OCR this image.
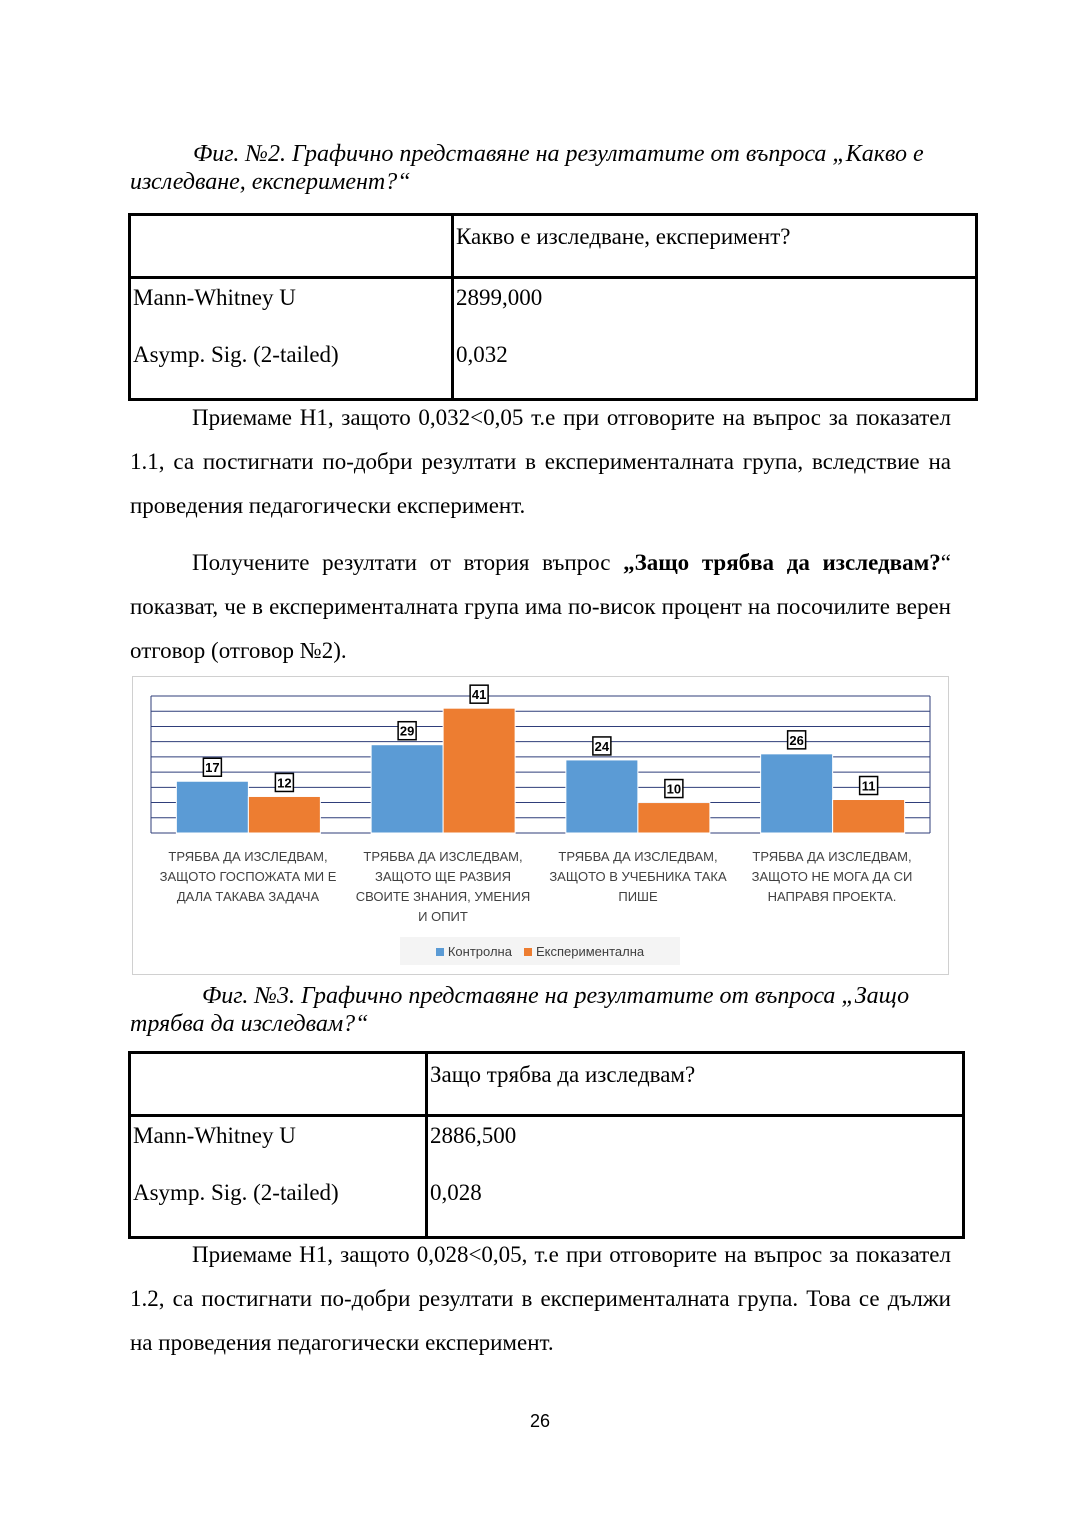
Фиг. №2. Графично представяне на резултатите от въпроса „Какво е
изследване, експеримент?“
	Какво е изследване, експеримент?
Mann-Whitney U	2899,000
Asymp. Sig. (2-tailed)	0,032
Приемаме H1, защото 0,032<0,05 т.е при отговорите на въпрос за показател 1.1, са постигнати по-добри резултати в експерименталната група, вследствие на проведения педагогически експеримент.
Получените резултати от втория въпрос „Защо трябва да изследвам?“ показват, че в експерименталната група има по-висок процент на посочилите верен отговор (отговор №2).
17
29
24	26
12
41
10	11
ТРЯБВА ДА ИЗСЛЕДВАМ,
ЗАЩОТО ГОСПОЖАТА МИ Е
ДАЛА ТАКАВА ЗАДАЧА
ТРЯБВА ДА ИЗСЛЕДВАМ,
ЗАЩОТО ЩЕ РАЗВИЯ
СВОИТЕ ЗНАНИЯ, УМЕНИЯ
И ОПИТ
ТРЯБВА ДА ИЗСЛЕДВАМ,
ЗАЩОТО В УЧЕБНИКА ТАКА
ПИШЕ
ТРЯБВА ДА ИЗСЛЕДВАМ,
ЗАЩОТО НЕ МОГА ДА СИ
НАПРАВЯ ПРОЕКТА.
Контролна	Експериментална
Фиг. №3. Графично представяне на резултатите от въпроса „Защо
трябва да изследвам?“
	Защо трябва да изследвам?
Mann-Whitney U	2886,500
Asymp. Sig. (2-tailed)	0,028
Приемаме H1, защото 0,028<0,05, т.е при отговорите на въпрос за показател 1.2, са постигнати по-добри резултати в експерименталната група. Това се дължи на проведения педагогически експеримент.
26
